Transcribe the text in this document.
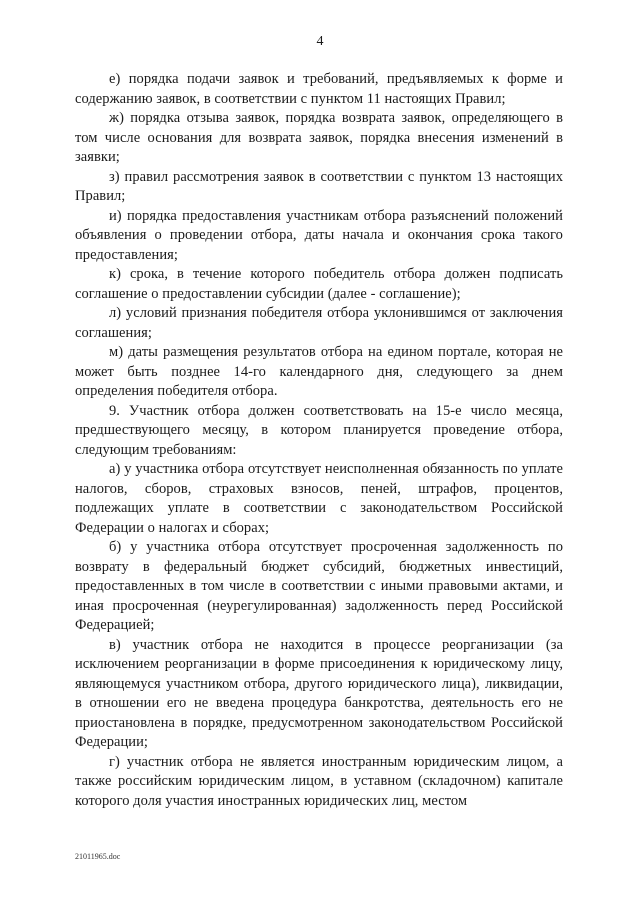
4

е) порядка подачи заявок и требований, предъявляемых к форме и содержанию заявок, в соответствии с пунктом 11 настоящих Правил;

ж) порядка отзыва заявок, порядка возврата заявок, определяющего в том числе основания для возврата заявок, порядка внесения изменений в заявки;

з) правил рассмотрения заявок в соответствии с пунктом 13 настоящих Правил;

и) порядка предоставления участникам отбора разъяснений положений объявления о проведении отбора, даты начала и окончания срока такого предоставления;

к) срока, в течение которого победитель отбора должен подписать соглашение о предоставлении субсидии (далее - соглашение);

л) условий признания победителя отбора уклонившимся от заключения соглашения;

м) даты размещения результатов отбора на едином портале, которая не может быть позднее 14-го календарного дня, следующего за днем определения победителя отбора.

9. Участник отбора должен соответствовать на 15-е число месяца, предшествующего месяцу, в котором планируется проведение отбора, следующим требованиям:

а) у участника отбора отсутствует неисполненная обязанность по уплате налогов, сборов, страховых взносов, пеней, штрафов, процентов, подлежащих уплате в соответствии с законодательством Российской Федерации о налогах и сборах;

б) у участника отбора отсутствует просроченная задолженность по возврату в федеральный бюджет субсидий, бюджетных инвестиций, предоставленных в том числе в соответствии с иными правовыми актами, и иная просроченная (неурегулированная) задолженность перед Российской Федерацией;

в) участник отбора не находится в процессе реорганизации (за исключением реорганизации в форме присоединения к юридическому лицу, являющемуся участником отбора, другого юридического лица), ликвидации, в отношении его не введена процедура банкротства, деятельность его не приостановлена в порядке, предусмотренном законодательством Российской Федерации;

г) участник отбора не является иностранным юридическим лицом, а также российским юридическим лицом, в уставном (складочном) капитале которого доля участия иностранных юридических лиц, местом

21011965.doc
